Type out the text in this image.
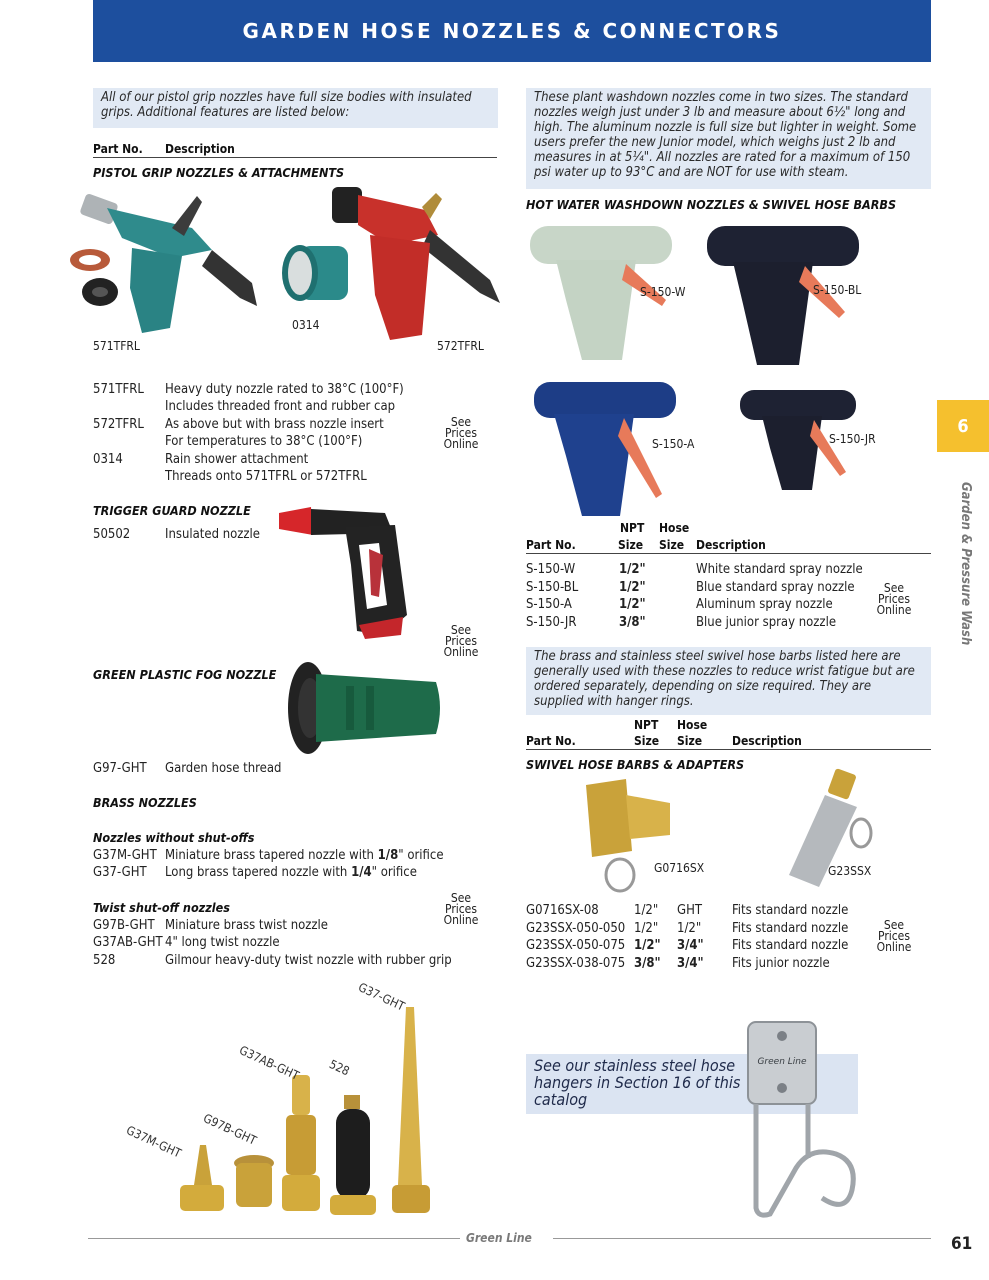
GARDEN HOSE NOZZLES & CONNECTORS
All of our pistol grip nozzles have full size bodies with insulated grips. Additional features are listed below:
Part No. Description
PISTOL GRIP NOZZLES & ATTACHMENTS
571TFRL
0314
572TFRL
571TFRL Heavy duty nozzle rated to 38°C (100°F)
Includes threaded front and rubber cap
572TFRL As above but with brass nozzle insert
For temperatures to 38°C (100°F)
0314	Rain shower attachment
Threads onto 571TFRL or 572TFRL
See
Prices
Online
TRIGGER GUARD NOZZLE
50502	Insulated nozzle
See
Prices
Online
GREEN PLASTIC FOG NOZZLE
G97-GHT Garden hose thread
BRASS NOZZLES
Nozzles without shut-offs
G37M-GHT Miniature brass tapered nozzle with 1/8" orifice
G37-GHT Long brass tapered nozzle with 1/4" orifice
See
Prices
Online
Twist shut-off nozzles
G97B-GHT Miniature brass twist nozzle
G37AB-GHT 4" long twist nozzle
528	Gilmour heavy-duty twist nozzle with rubber grip
G37-GHT
G37AB-GHT 528
G97B-GHT
G37M-GHT
These plant washdown nozzles come in two sizes. The standard nozzles weigh just under 3 lb and measure about 6½" long and high. The aluminum nozzle is full size but lighter in weight. Some users prefer the new Junior model, which weighs just 2 lb and measures in at 5¼". All nozzles are rated for a maximum of 150 psi water up to 93°C and are NOT for use with steam.
HOT WATER WASHDOWN NOZZLES & SWIVEL HOSE BARBS
S-150-W	S-150-BL
S-150-A	S-150-JR
NPT Hose
Part No.	Size Size Description
S-150-W	1/2"	White standard spray nozzle
S-150-BL	1/2"	Blue standard spray nozzle
S-150-A	1/2"	Aluminum spray nozzle
S-150-JR	3/8"	Blue junior spray nozzle
See
Prices
Online
The brass and stainless steel swivel hose barbs listed here are generally used with these nozzles to reduce wrist fatigue but are ordered separately, depending on size required. They are supplied with hanger rings.
NPT Hose
Part No.	Size Size Description
SWIVEL HOSE BARBS & ADAPTERS
G0716SX	G23SSX
G0716SX-08	1/2" GHT Fits standard nozzle
G23SSX-050-050 1/2" 1/2" Fits standard nozzle
G23SSX-050-075 1/2" 3/4" Fits standard nozzle
G23SSX-038-075 3/8" 3/4" Fits junior nozzle
See
Prices
Online
See our stainless steel hose hangers in Section 16 of this catalog
Green Line
6
Garden & Pressure Wash
Green Line	61
